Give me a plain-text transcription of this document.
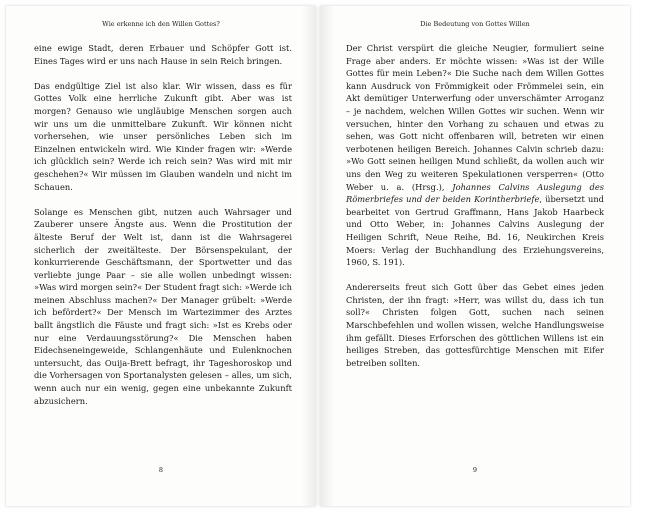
Wie erkenne ich den Willen Gottes?

eine ewige Stadt, deren Erbauer und Schöpfer Gott ist. Eines Tages wird er uns nach Hause in sein Reich bringen.

Das endgültige Ziel ist also klar. Wir wissen, dass es für Gottes Volk eine herrliche Zukunft gibt. Aber was ist morgen? Genauso wie ungläubige Menschen sorgen auch wir uns um die unmittelbare Zukunft. Wir können nicht vorhersehen, wie unser persönliches Leben sich im Einzelnen entwickeln wird. Wie Kinder fragen wir: »Werde ich glücklich sein? Werde ich reich sein? Was wird mit mir geschehen?« Wir müssen im Glauben wandeln und nicht im Schauen.

Solange es Menschen gibt, nutzen auch Wahrsager und Zauberer unsere Ängste aus. Wenn die Prostitution der älteste Beruf der Welt ist, dann ist die Wahrsagerei sicherlich der zweitälteste. Der Börsenspekulant, der konkurrierende Geschäftsmann, der Sportwetter und das verliebte junge Paar – sie alle wollen unbedingt wissen: »Was wird morgen sein?« Der Student fragt sich: »Werde ich meinen Abschluss machen?« Der Manager grübelt: »Werde ich befördert?« Der Mensch im Wartezimmer des Arztes ballt ängstlich die Fäuste und fragt sich: »Ist es Krebs oder nur eine Verdauungsstörung?« Die Menschen haben Eidechseneingeweide, Schlangenhäute und Eulenknochen untersucht, das Ouija-Brett befragt, ihr Tageshoroskop und die Vorhersagen von Sportanalysten gelesen – alles, um sich, wenn auch nur ein wenig, gegen eine unbekannte Zukunft abzusichern.

8
Die Bedeutung von Gottes Willen

Der Christ verspürt die gleiche Neugier, formuliert seine Frage aber anders. Er möchte wissen: »Was ist der Wille Gottes für mein Leben?« Die Suche nach dem Willen Gottes kann Ausdruck von Frömmigkeit oder Frömmelei sein, ein Akt demütiger Unterwerfung oder unverschämter Arroganz – je nachdem, welchen Willen Gottes wir suchen. Wenn wir versuchen, hinter den Vorhang zu schauen und etwas zu sehen, was Gott nicht offenbaren will, betreten wir einen verbotenen heiligen Bereich. Johannes Calvin schrieb dazu: »Wo Gott seinen heiligen Mund schließt, da wollen auch wir uns den Weg zu weiteren Spekulationen versperren« (Otto Weber u. a. (Hrsg.), Johannes Calvins Auslegung des Römerbriefes und der beiden Korintherbriefe, übersetzt und bearbeitet von Gertrud Graffmann, Hans Jakob Haarbeck und Otto Weber, in: Johannes Calvins Auslegung der Heiligen Schrift, Neue Reihe, Bd. 16, Neukirchen Kreis Moers: Verlag der Buchhandlung des Erziehungsvereins, 1960, S. 191).

Andererseits freut sich Gott über das Gebet eines jeden Christen, der ihn fragt: »Herr, was willst du, dass ich tun soll?« Christen folgen Gott, suchen nach seinen Marschbefehlen und wollen wissen, welche Handlungsweise ihm gefällt. Dieses Erforschen des göttlichen Willens ist ein heiliges Streben, das gottesfürchtige Menschen mit Eifer betreiben sollten.

9
